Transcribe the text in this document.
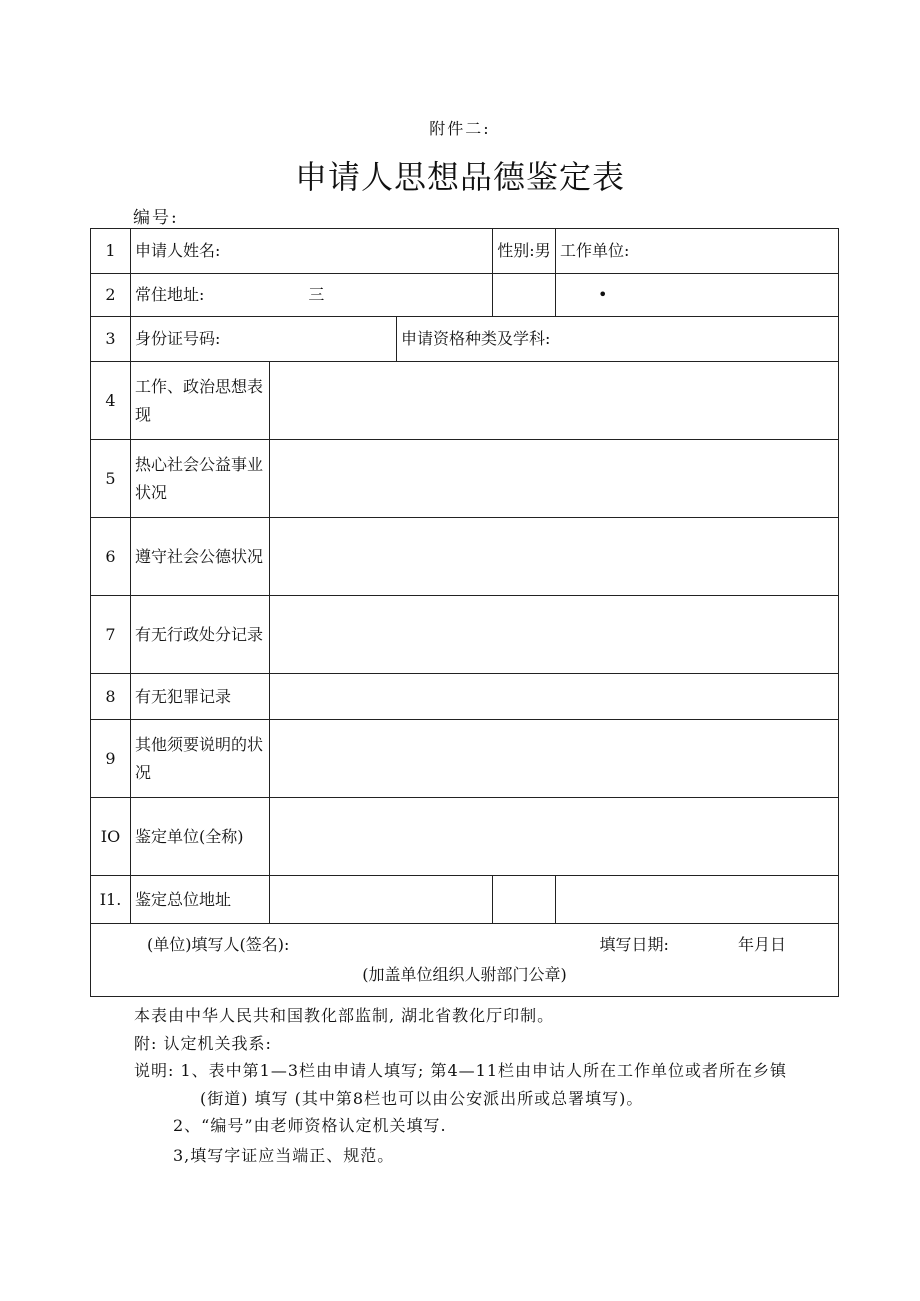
附件二:
申请人思想品德鉴定表
编号:
1	申请人姓名:			性别:男	工作单位:
2	常住地址: 三				•
3	身份证号码:		申请资格种类及学科:		
4	工作、政治思想表现				
5	热心社会公益事业状况				
6	遵守社会公德状况				
7	有无行政处分记录				
8	有无犯罪记录				
9	其他须要说明的状况				
IO	鉴定单位(全称)				
I1.	鉴定总位地址				

(单位)填写人(签名): 填写日期: 年月日
(加盖单位组织人驸部门公章)					
本表由中华人民共和国教化部监制, 湖北省教化厅印制。
附: 认定机关我系:
说明: 1、表中第1—3栏由申请人填写; 第4—11栏由申诂人所在工作单位或者所在乡镇
(街道) 填写 (其中第8栏也可以由公安派出所或总署填写)。
2、“编号”由老师资格认定机关填写.
3,填写字证应当端正、规范。
